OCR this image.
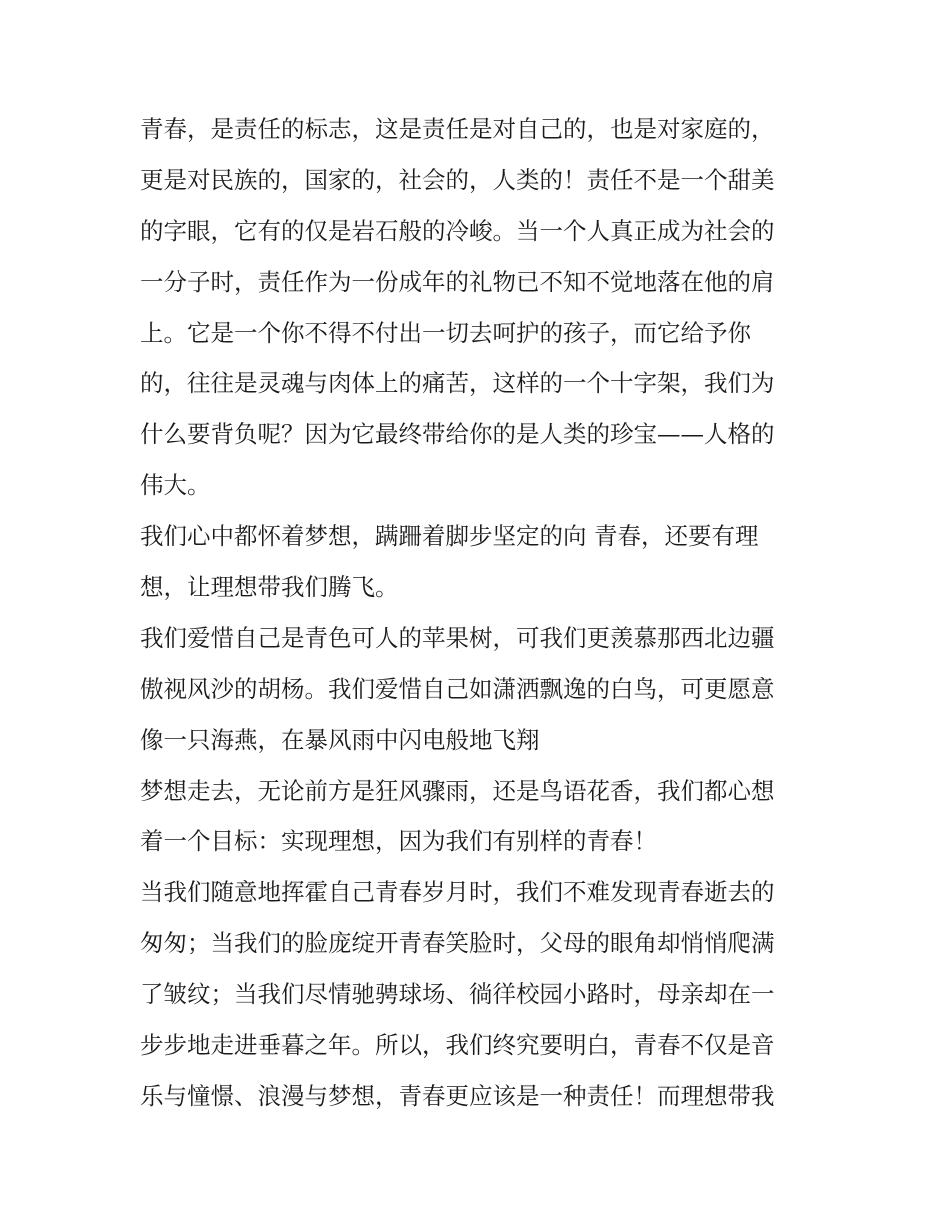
青春，是责任的标志，这是责任是对自己的，也是对家庭的，
更是对民族的，国家的，社会的，人类的！责任不是一个甜美
的字眼，它有的仅是岩石般的冷峻。当一个人真正成为社会的
一分子时，责任作为一份成年的礼物已不知不觉地落在他的肩
上。它是一个你不得不付出一切去呵护的孩子，而它给予你
的，往往是灵魂与肉体上的痛苦，这样的一个十字架，我们为
什么要背负呢？因为它最终带给你的是人类的珍宝——人格的
伟大。
我们心中都怀着梦想，蹒跚着脚步坚定的向 青春，还要有理
想，让理想带我们腾飞。
我们爱惜自己是青色可人的苹果树，可我们更羡慕那西北边疆
傲视风沙的胡杨。我们爱惜自己如潇洒飘逸的白鸟，可更愿意
像一只海燕，在暴风雨中闪电般地飞翔
梦想走去，无论前方是狂风骤雨，还是鸟语花香，我们都心想
着一个目标：实现理想，因为我们有别样的青春！
当我们随意地挥霍自己青春岁月时，我们不难发现青春逝去的
匆匆；当我们的脸庞绽开青春笑脸时，父母的眼角却悄悄爬满
了皱纹；当我们尽情驰骋球场、徜徉校园小路时，母亲却在一
步步地走进垂暮之年。所以，我们终究要明白，青春不仅是音
乐与憧憬、浪漫与梦想，青春更应该是一种责任！而理想带我
